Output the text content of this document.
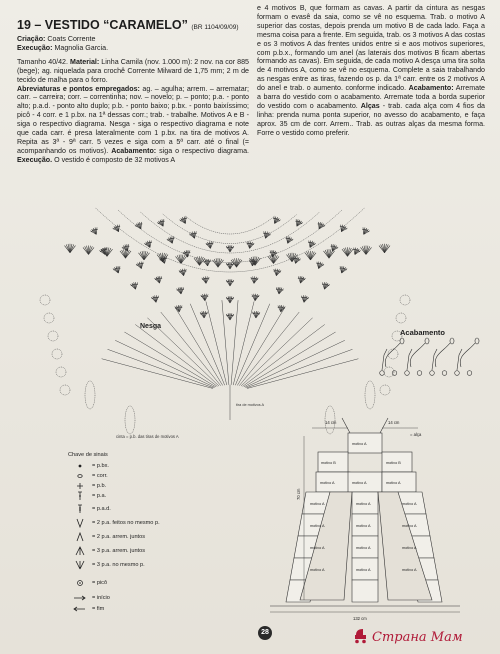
19 – VESTIDO “CARAMELO” (BR 1104/09/09)

Criação: Coats Corrente

Execução: Magnolia Garcia.

Tamanho 40/42. Material: Linha Camila (nov. 1.000 m): 2 nov. na cor 885 (bege); ag. niquelada para crochê Corrente Milward de 1,75 mm; 2 m de tecido de malha para o forro.

Abreviaturas e pontos empregados: ag. – agulha; arrem. – arrematar; carr. – carreira; corr. – correntinha; nov. – novelo; p. – ponto; p.a. - ponto alto; p.a.d. - ponto alto duplo; p.b. - ponto baixo; p.bx. - ponto baixíssimo; picô - 4 corr. e 1 p.bx. na 1ª dessas corr.; trab. - trabalhe. Motivos A e B - siga o respectivo diagrama. Nesga - siga o respectivo diagrama e note que cada carr. é presa lateralmente com 1 p.bx. na tira de motivos A. Repita as 3ª - 9ª carr. 5 vezes e siga com a 5ª carr. até o final (= acompanhando os motivos). Acabamento: siga o respectivo diagrama. Execução. O vestido é composto de 32 motivos A

e 4 motivos B, que formam as cavas. A partir da cintura as nesgas formam o evasê da saia, como se vê no esquema. Trab. o motivo A superior das costas, depois prenda um motivo B de cada lado. Faça a mesma coisa para a frente. Em seguida, trab. os 3 motivos A das costas e os 3 motivos A das frentes unidos entre si e aos motivos superiores, com p.b.x., formando um anel (as laterais dos motivos B ficam abertas formando as cavas). Em seguida, de cada motivo A desça uma tira solta de 4 motivos A, como se vê no esquema. Complete a saia trabalhando as nesgas entre as tiras, fazendo os p. da 1ª carr. entre os 2 motivos A do anel e trab. o aumento. conforme indicado. Acabamento: Arremate a barra do vestido com o acabamento. Arremate toda a borda superior do vestido com o acabamento. Alças - trab. cada alça com 4 fios da linha: prenda numa ponta superior, no avesso do acabamento, e faça aprox. 35 cm de corr. Arrem.. Trab. as outras alças da mesma forma. Forre o vestido como preferir.

Nesga
cinta = p.b. das tiras de motivos A
tira de motivos A
Acabamento
14 cm	14 cm
70 cm
132 cm
= alça
motivo A
motivo B	motivo B
motivo A	motivo A	motivo A
motivo A	motivo A	motivo A
motivo A	motivo A	motivo A
motivo A	motivo A	motivo A
motivo A	motivo A	motivo A
Chave de sinais
= p.bx.
= corr.
= p.b.
= p.a.
= p.a.d.
= 2 p.a. feitos no mesmo p.
= 2 p.a. arrem. juntos
= 3 p.a. arrem. juntos
= 3 p.a. no mesmo p.
= picô
= início
= fim
28	Страна Мам
